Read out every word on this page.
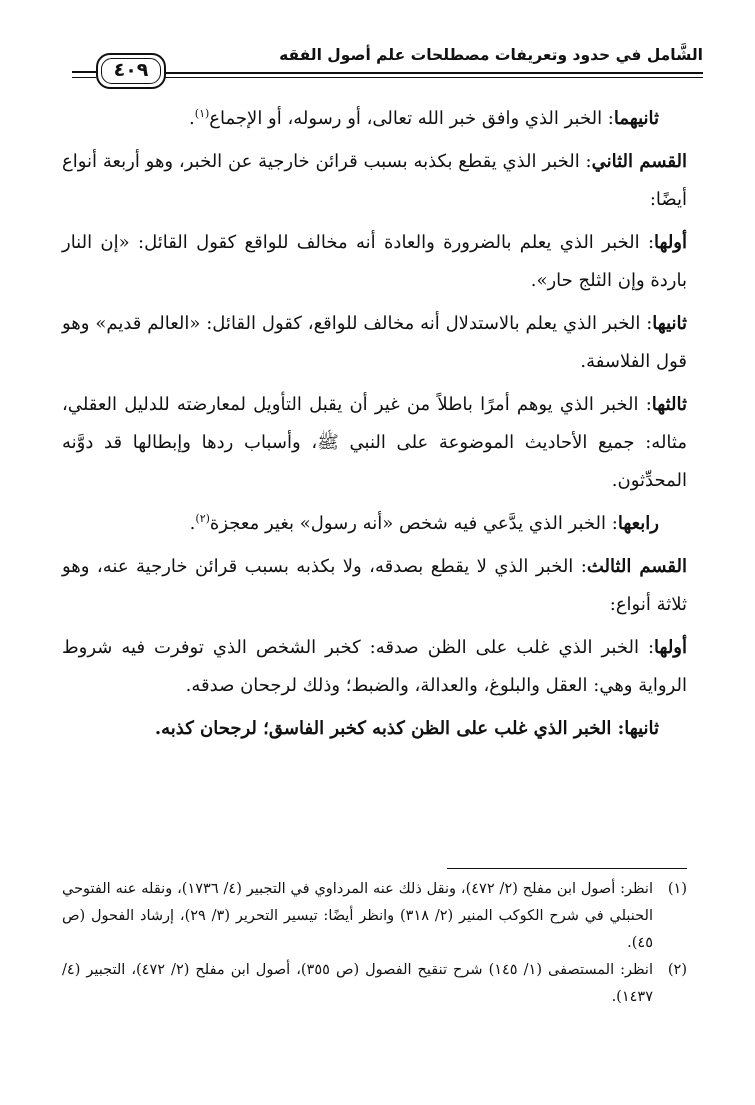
الشَّامل في حدود وتعريفات مصطلحات علم أصول الفقه
٤٠٩

ثانيهما: الخبر الذي وافق خبر الله تعالى، أو رسوله، أو الإجماع$^{(١)}$.

القسم الثاني: الخبر الذي يقطع بكذبه بسبب قرائن خارجية عن الخبر، وهو أربعة أنواع أيضًا:

أولها: الخبر الذي يعلم بالضرورة والعادة أنه مخالف للواقع كقول القائل: «إن النار باردة وإن الثلج حار».

ثانيها: الخبر الذي يعلم بالاستدلال أنه مخالف للواقع، كقول القائل: «العالم قديم» وهو قول الفلاسفة.

ثالثها: الخبر الذي يوهم أمرًا باطلاً من غير أن يقبل التأويل لمعارضته للدليل العقلي، مثاله: جميع الأحاديث الموضوعة على النبي ﷺ، وأسباب ردها وإبطالها قد دوَّنه المحدِّثون.

رابعها: الخبر الذي يدَّعي فيه شخص «أنه رسول» بغير معجزة$^{(٢)}$.

القسم الثالث: الخبر الذي لا يقطع بصدقه، ولا بكذبه بسبب قرائن خارجية عنه، وهو ثلاثة أنواع:

أولها: الخبر الذي غلب على الظن صدقه: كخبر الشخص الذي توفرت فيه شروط الرواية وهي: العقل والبلوغ، والعدالة، والضبط؛ وذلك لرجحان صدقه.

ثانيها: الخبر الذي غلب على الظن كذبه كخبر الفاسق؛ لرجحان كذبه.

(١)
انظر: أصول ابن مفلح (٢/ ٤٧٢)، ونقل ذلك عنه المرداوي في التجبير (٤/ ١٧٣٦)، ونقله عنه الفتوحي الحنبلي في شرح الكوكب المنير (٢/ ٣١٨) وانظر أيضًا: تيسير التحرير (٣/ ٢٩)، إرشاد الفحول (ص ٤٥).

(٢)
انظر: المستصفى (١/ ١٤٥) شرح تنقيح الفصول (ص ٣٥٥)، أصول ابن مفلح (٢/ ٤٧٢)، التجبير (٤/ ١٤٣٧).
